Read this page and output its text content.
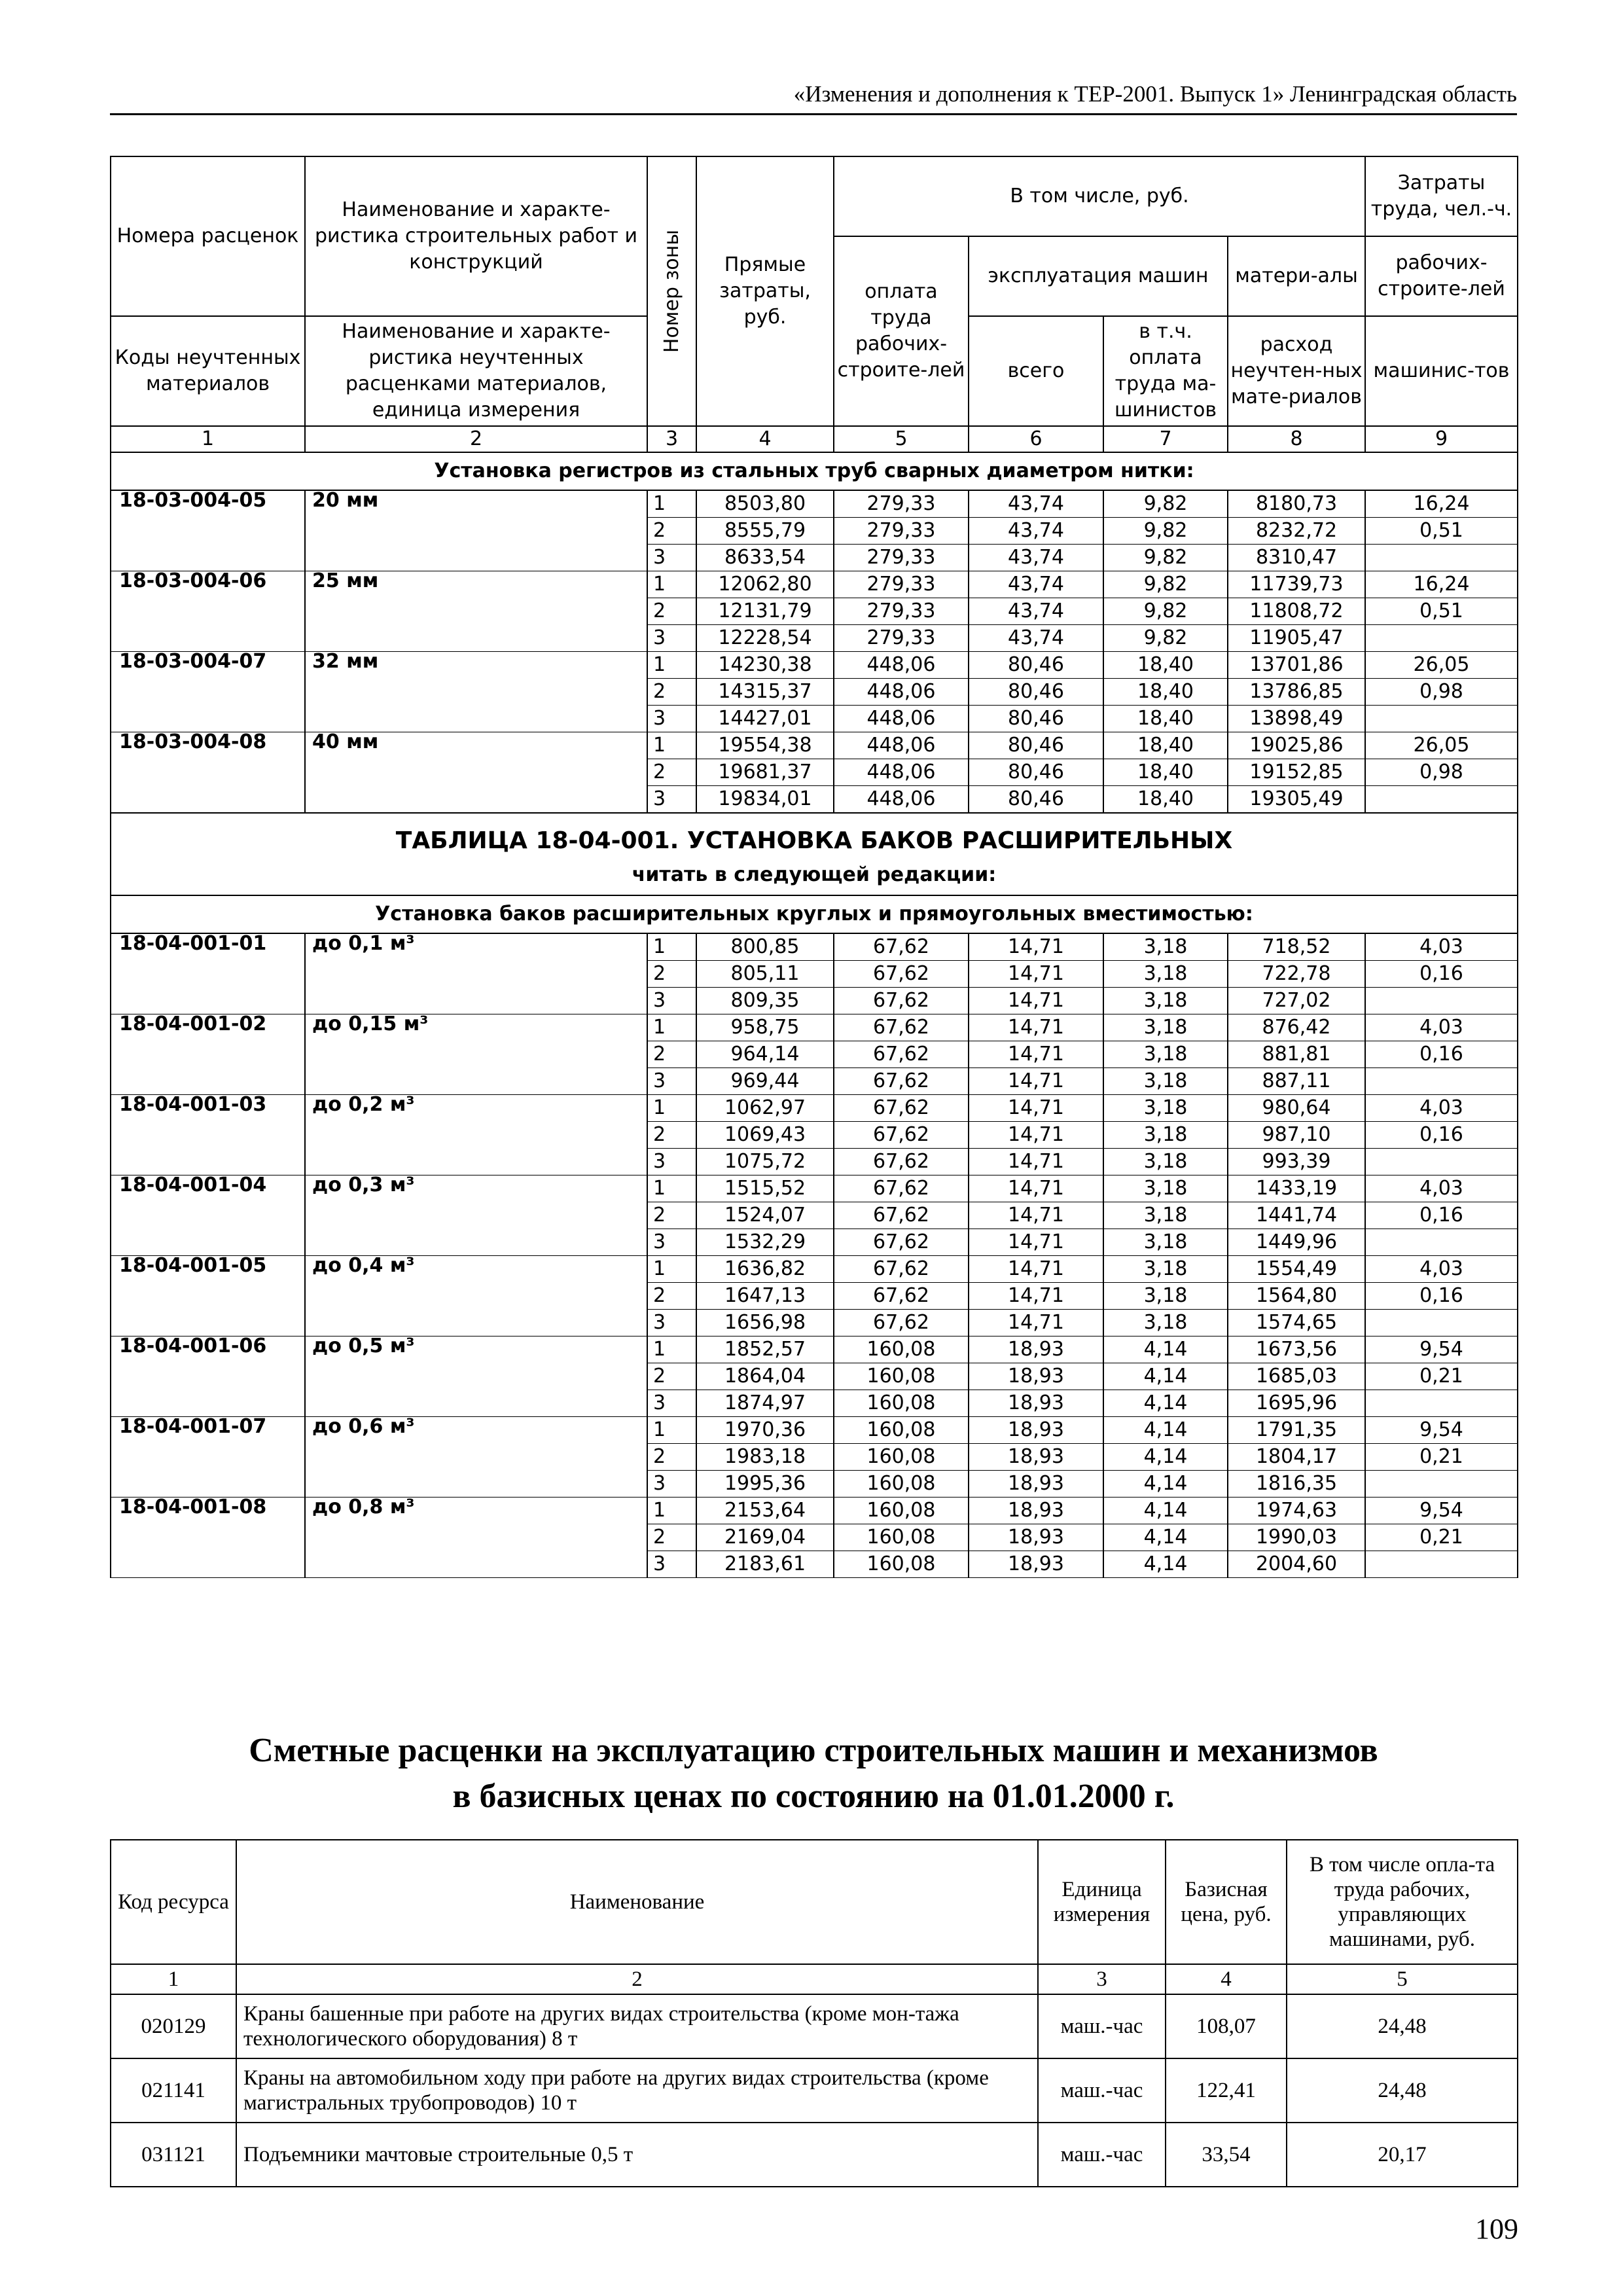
«Изменения и дополнения к ТЕР-2001. Выпуск 1» Ленинградская область
Номера расценок	Наименование и характе-ристика строительных работ и конструкций	Номер зоны	Прямые затраты, руб.	В том числе, руб.				Затраты труда, чел.-ч.
				оплата труда рабочих-строите-лей	эксплуатация машин		матери-алы	рабочих-строите-лей
Коды неучтенных материалов	Наименование и характе-ристика неучтенных расценками материалов, единица измерения				всего	в т.ч. оплата труда ма-шинистов	расход неучтен-ных мате-риалов	машинис-тов

1	2	3	4	5	6	7	8	9
Установка регистров из стальных труб сварных диаметром нитки:								
18-03-004-05	20 мм	1	8503,80	279,33	43,74	9,82	8180,73	16,24
		2	8555,79	279,33	43,74	9,82	8232,72	0,51
		3	8633,54	279,33	43,74	9,82	8310,47	
18-03-004-06	25 мм	1	12062,80	279,33	43,74	9,82	11739,73	16,24
		2	12131,79	279,33	43,74	9,82	11808,72	0,51
		3	12228,54	279,33	43,74	9,82	11905,47	
18-03-004-07	32 мм	1	14230,38	448,06	80,46	18,40	13701,86	26,05
		2	14315,37	448,06	80,46	18,40	13786,85	0,98
		3	14427,01	448,06	80,46	18,40	13898,49	
18-03-004-08	40 мм	1	19554,38	448,06	80,46	18,40	19025,86	26,05
		2	19681,37	448,06	80,46	18,40	19152,85	0,98
		3	19834,01	448,06	80,46	18,40	19305,49	
ТАБЛИЦА 18-04-001. УСТАНОВКА БАКОВ РАСШИРИТЕЛЬНЫХ								
читать в следующей редакции:								
Установка баков расширительных круглых и прямоугольных вместимостью:								
18-04-001-01	до 0,1 м³	1	800,85	67,62	14,71	3,18	718,52	4,03
		2	805,11	67,62	14,71	3,18	722,78	0,16
		3	809,35	67,62	14,71	3,18	727,02	
18-04-001-02	до 0,15 м³	1	958,75	67,62	14,71	3,18	876,42	4,03
		2	964,14	67,62	14,71	3,18	881,81	0,16
		3	969,44	67,62	14,71	3,18	887,11	
18-04-001-03	до 0,2 м³	1	1062,97	67,62	14,71	3,18	980,64	4,03
		2	1069,43	67,62	14,71	3,18	987,10	0,16
		3	1075,72	67,62	14,71	3,18	993,39	
18-04-001-04	до 0,3 м³	1	1515,52	67,62	14,71	3,18	1433,19	4,03
		2	1524,07	67,62	14,71	3,18	1441,74	0,16
		3	1532,29	67,62	14,71	3,18	1449,96	
18-04-001-05	до 0,4 м³	1	1636,82	67,62	14,71	3,18	1554,49	4,03
		2	1647,13	67,62	14,71	3,18	1564,80	0,16
		3	1656,98	67,62	14,71	3,18	1574,65	
18-04-001-06	до 0,5 м³	1	1852,57	160,08	18,93	4,14	1673,56	9,54
		2	1864,04	160,08	18,93	4,14	1685,03	0,21
		3	1874,97	160,08	18,93	4,14	1695,96	
18-04-001-07	до 0,6 м³	1	1970,36	160,08	18,93	4,14	1791,35	9,54
		2	1983,18	160,08	18,93	4,14	1804,17	0,21
		3	1995,36	160,08	18,93	4,14	1816,35	
18-04-001-08	до 0,8 м³	1	2153,64	160,08	18,93	4,14	1974,63	9,54
		2	2169,04	160,08	18,93	4,14	1990,03	0,21
		3	2183,61	160,08	18,93	4,14	2004,60	
Сметные расценки на эксплуатацию строительных машин и механизмов
в базисных ценах по состоянию на 01.01.2000 г.
Код ресурса	Наименование	Единица измерения	Базисная цена, руб.	В том числе опла-та труда рабочих, управляющих машинами, руб.
1	2	3	4	5
020129	Краны башенные при работе на других видах строительства (кроме мон-тажа технологического оборудования) 8 т	маш.-час	108,07	24,48
021141	Краны на автомобильном ходу при работе на других видах строительства (кроме магистральных трубопроводов) 10 т	маш.-час	122,41	24,48
031121	Подъемники мачтовые строительные 0,5 т	маш.-час	33,54	20,17
109
